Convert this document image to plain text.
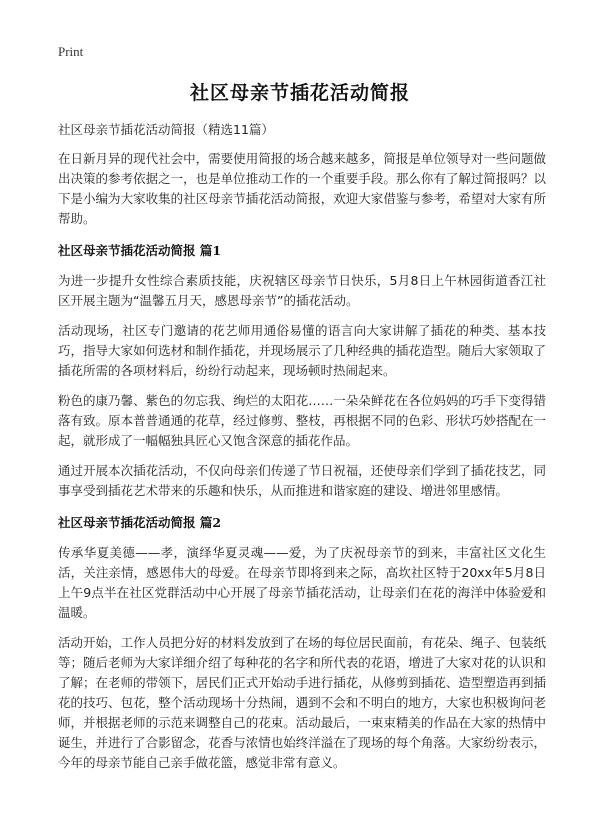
Print
社区母亲节插花活动简报
社区母亲节插花活动简报（精选11篇）

在日新月异的现代社会中，需要使用简报的场合越来越多，简报是单位领导对一些问题做出决策的参考依据之一，也是单位推动工作的一个重要手段。那么你有了解过简报吗？以下是小编为大家收集的社区母亲节插花活动简报，欢迎大家借鉴与参考，希望对大家有所帮助。

社区母亲节插花活动简报 篇1

为进一步提升女性综合素质技能，庆祝辖区母亲节日快乐，5月8日上午林园街道香江社区开展主题为“温馨五月天，感恩母亲节”的插花活动。

活动现场，社区专门邀请的花艺师用通俗易懂的语言向大家讲解了插花的种类、基本技巧，指导大家如何选材和制作插花，并现场展示了几种经典的插花造型。随后大家领取了插花所需的各项材料后，纷纷行动起来，现场顿时热闹起来。

粉色的康乃馨、紫色的勿忘我、绚烂的太阳花……一朵朵鲜花在各位妈妈的巧手下变得错落有致。原本普普通通的花草，经过修剪、整枝，再根据不同的色彩、形状巧妙搭配在一起，就形成了一幅幅独具匠心又饱含深意的插花作品。

通过开展本次插花活动，不仅向母亲们传递了节日祝福，还使母亲们学到了插花技艺，同事享受到插花艺术带来的乐趣和快乐，从而推进和谐家庭的建设、增进邻里感情。

社区母亲节插花活动简报 篇2

传承华夏美德——孝，演绎华夏灵魂——爱，为了庆祝母亲节的到来，丰富社区文化生活，关注亲情，感恩伟大的母爱。在母亲节即将到来之际，高坎社区特于20xx年5月8日上午9点半在社区党群活动中心开展了母亲节插花活动，让母亲们在花的海洋中体验爱和温暖。

活动开始，工作人员把分好的材料发放到了在场的每位居民面前，有花朵、绳子、包装纸等；随后老师为大家详细介绍了每种花的名字和所代表的花语，增进了大家对花的认识和了解；在老师的带领下，居民们正式开始动手进行插花，从修剪到插花、造型塑造再到插花的技巧、包花，整个活动现场十分热闹，遇到不会和不明白的地方，大家也积极询问老师，并根据老师的示范来调整自己的花束。活动最后，一束束精美的作品在大家的热情中诞生，并进行了合影留念，花香与浓情也始终洋溢在了现场的每个角落。大家纷纷表示，今年的母亲节能自己亲手做花篮，感觉非常有意义。
